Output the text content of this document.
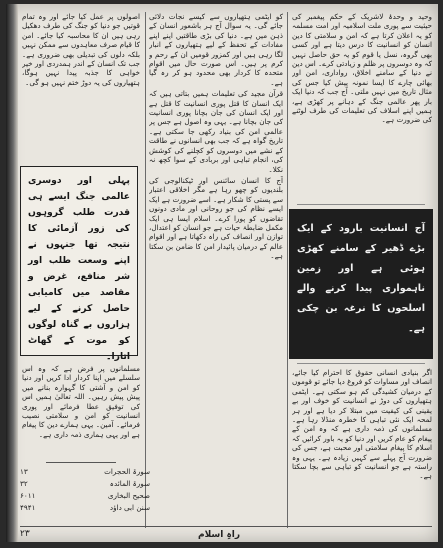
وحید و وحدۂ لاشریک کے حکم پیغمبر کی حیثیت سے پوری ملت اسلامیہ اور امت مسلمہ کو یہ اعلان کرتا ہے کہ امن و سلامتی کا دین انسان کو انسانیت کا درس دیتا ہے اور کسی بھی گروہ، نسل یا قوم کو یہ حق حاصل نہیں کہ وہ دوسروں پر ظلم و زیادتی کرے۔ اس دین نے دنیا کے سامنے اخلاق، رواداری، امن اور بھائی چارے کا ایسا نمونہ پیش کیا جس کی مثال تاریخ میں نہیں ملتی۔ آج جب کہ دنیا ایک بار پھر عالمی جنگ کے دہانے پر کھڑی ہے، ہمیں اپنے اسلاف کی تعلیمات کی طرف لوٹنے کی ضرورت ہے۔

آج انسانیت بارود کے ایک بڑے ڈھیر کے سامنے کھڑی ہوئی ہے اور زمین ناہمواری پیدا کرنے والے اسلحوں کا نرغہ بن چکی ہے۔

اگر بنیادی انسانی حقوق کا احترام کیا جائے، انصاف اور مساوات کو فروغ دیا جائے تو قوموں کے درمیان کشیدگی کم ہو سکتی ہے۔ ایٹمی ہتھیاروں کی دوڑ نے انسانیت کو خوف اور بے یقینی کی کیفیت میں مبتلا کر دیا ہے اور ہر لمحہ ایک نئی تباہی کا خطرہ منڈلا رہا ہے۔ مسلمانوں کی ذمہ داری ہے کہ وہ امن کے پیغام کو عام کریں اور دنیا کو یہ باور کرائیں کہ اسلام کا پیغام سلامتی اور محبت ہے، جس کی ضرورت آج پہلے سے کہیں زیادہ ہے۔ یہی وہ راستہ ہے جو انسانیت کو تباہی سے بچا سکتا ہے۔

کو ایٹمی ہتھیاروں سے کیسے نجات دلائی جائے گی۔ یہ سوال آج ہر باشعور انسان کے ذہن میں ہے۔ دنیا کی بڑی طاقتیں اپنے اپنے مفادات کے تحفظ کے لیے ہتھیاروں کے انبار لگا رہی ہیں اور کمزور قومیں ان کے رحم و کرم پر ہیں۔ اس صورت حال میں اقوام متحدہ کا کردار بھی محدود ہو کر رہ گیا ہے۔

قرآن مجید کی تعلیمات ہمیں بتاتی ہیں کہ ایک انسان کا قتل پوری انسانیت کا قتل ہے اور ایک انسان کی جان بچانا پوری انسانیت کی جان بچانا ہے۔ یہی وہ اصول ہے جس پر عالمی امن کی بنیاد رکھی جا سکتی ہے۔ تاریخ گواہ ہے کہ جب بھی انسانوں نے طاقت کے نشے میں دوسروں کو کچلنے کی کوشش کی، انجام تباہی اور بربادی کے سوا کچھ نہ نکلا۔

آج کا انسان سائنس اور ٹیکنالوجی کی بلندیوں کو چھو رہا ہے مگر اخلاقی اعتبار سے پستی کا شکار ہے۔ اسے ضرورت ہے ایک ایسے نظام کی جو روحانی اور مادی دونوں تقاضوں کو پورا کرے۔ اسلام ایسا ہی ایک مکمل ضابطۂ حیات ہے جو انسان کو اعتدال، توازن اور انصاف کی راہ دکھاتا ہے اور اقوام عالم کے درمیان پائیدار امن کا ضامن بن سکتا ہے۔

اصولوں پر عمل کیا جائے اور وہ تمام قوتیں جو دنیا کو جنگ کی طرف دھکیل رہی ہیں ان کا محاسبہ کیا جائے۔ امن کا قیام صرف معاہدوں سے ممکن نہیں بلکہ دلوں کی تبدیلی بھی ضروری ہے۔ جب تک انسان کے اندر ہمدردی اور خیر خواہی کا جذبہ پیدا نہیں ہوگا، ہتھیاروں کی یہ دوڑ ختم نہیں ہو گی۔

پہلی اور دوسری عالمی جنگ ایسے ہی قدرت طلب گروہوں کی زور آزمائی کا نتیجہ تھا جنہوں نے اپنے وسعت طلب اور شر منافع، غرض و مقاصد میں کامیابی حاصل کرنے کے لیے ہزاروں بے گناہ لوگوں کو موت کے گھاٹ اتارا۔

مسلمانوں پر فرض ہے کہ وہ اس سلسلے میں اپنا کردار ادا کریں اور دنیا کو امن و آشتی کا گہوارہ بنانے میں پیش پیش رہیں۔ اللہ تعالیٰ ہمیں اس کی توفیق عطا فرمائے اور پوری انسانیت کو امن و سلامتی نصیب فرمائے۔ آمین۔ یہی ہمارے دین کا پیغام ہے اور یہی ہماری ذمہ داری ہے۔

سورۃ الحجرات
۱۳
سورۃ المائدہ
۳۲
صحیح البخاری
۶۰۱۱
سنن ابی داؤد
۴۹۴۱
۲۳	راہِ اسلام
